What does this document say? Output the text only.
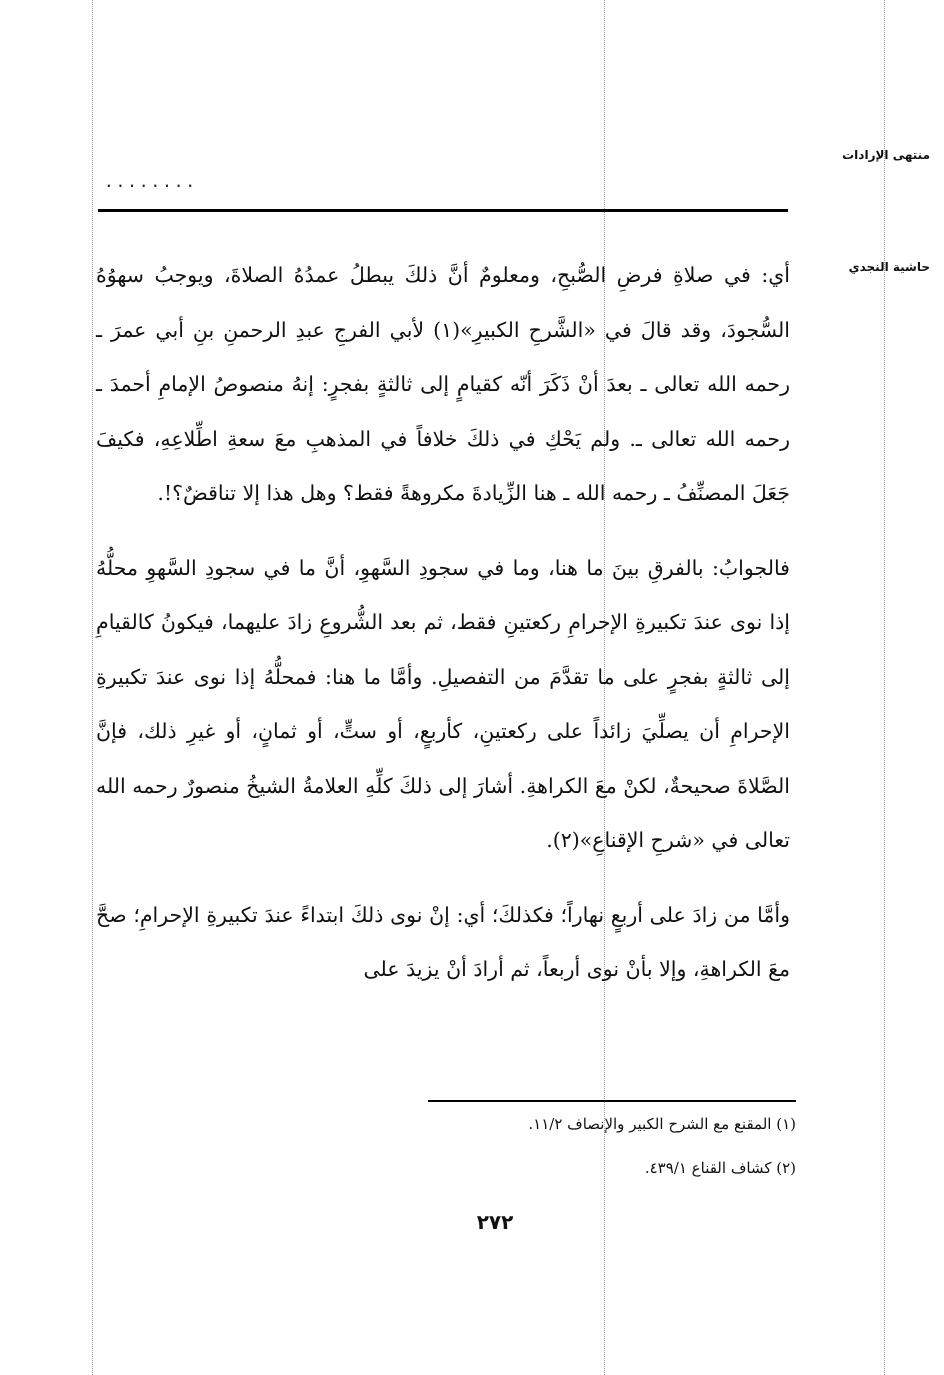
منتهى الإرادات
حاشية النجدي
........

أي: في صلاةِ فرضِ الصُّبحِ، ومعلومٌ أنَّ ذلكَ يبطلُ عمدُهُ الصلاةَ، ويوجبُ سهوُهُ السُّجودَ، وقد قالَ في «الشَّرحِ الكبيرِ»(١) لأبي الفرجِ عبدِ الرحمنِ بنِ أبي عمرَ ـ رحمه الله تعالى ـ بعدَ أنْ ذَكَرَ أنّه كقيامٍ إلى ثالثةٍ بفجرٍ: إنهُ منصوصُ الإمامِ أحمدَ ـ رحمه الله تعالى ـ. ولم يَحْكِ في ذلكَ خلافاً في المذهبِ معَ سعةِ اطِّلاعِهِ، فكيفَ جَعَلَ المصنِّفُ ـ رحمه الله ـ هنا الزِّيادةَ مكروهةً فقط؟ وهل هذا إلا تناقضٌ؟!.

فالجوابُ: بالفرقِ بينَ ما هنا، وما في سجودِ السَّهوِ، أنَّ ما في سجودِ السَّهوِ محلُّهُ إذا نوى عندَ تكبيرةِ الإحرامِ ركعتينِ فقط، ثم بعد الشُّروعِ زادَ عليهما، فيكونُ كالقيامِ إلى ثالثةٍ بفجرٍ على ما تقدَّمَ من التفصيلِ. وأمَّا ما هنا: فمحلُّهُ إذا نوى عندَ تكبيرةِ الإحرامِ أن يصلِّيَ زائداً على ركعتينِ، كأربعٍ، أو ستٍّ، أو ثمانٍ، أو غيرِ ذلك، فإنَّ الصَّلاةَ صحيحةٌ، لكنْ معَ الكراهةِ. أشارَ إلى ذلكَ كلِّهِ العلامةُ الشيخُ منصورٌ رحمه الله تعالى في «شرحِ الإقناعِ»(٢).

وأمَّا من زادَ على أربعٍ نهاراً؛ فكذلكَ؛ أي: إنْ نوى ذلكَ ابتداءً عندَ تكبيرةِ الإحرامِ؛ صحَّ معَ الكراهةِ، وإلا بأنْ نوى أربعاً، ثم أرادَ أنْ يزيدَ على

(١) المقنع مع الشرح الكبير والإنصاف ١١/٢.
(٢) كشاف القناع ٤٣٩/١.
٢٧٢
